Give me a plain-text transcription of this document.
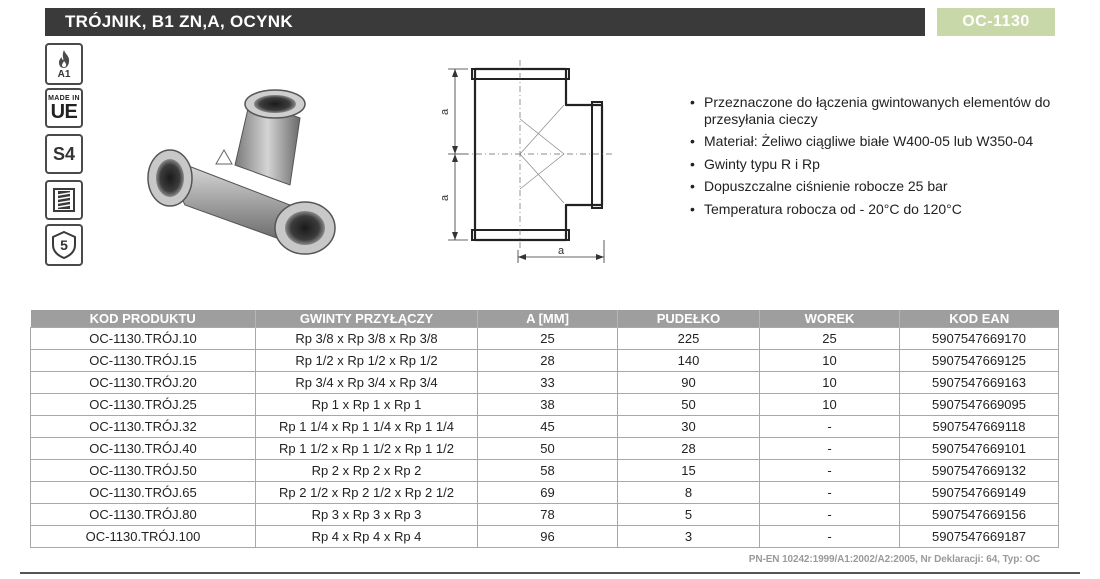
TRÓJNIK, B1 ZN,A, OCYNK	OC-1130
A1
MADE IN
UE
S4
5
a
a
a
• Przeznaczone do łączenia gwintowanych elementów do przesyłania cieczy
• Materiał: Żeliwo ciągliwe białe W400-05 lub W350-04
• Gwinty typu R i Rp
• Dopuszczalne ciśnienie robocze 25 bar
• Temperatura robocza od - 20°C do 120°C
KOD PRODUKTU	GWINTY PRZYŁĄCZY	A [MM]	PUDEŁKO	WOREK	KOD EAN
OC-1130.TRÓJ.10	Rp 3/8 x Rp 3/8 x Rp 3/8	25	225	25	5907547669170
OC-1130.TRÓJ.15	Rp 1/2 x Rp 1/2 x Rp 1/2	28	140	10	5907547669125
OC-1130.TRÓJ.20	Rp 3/4 x Rp 3/4 x Rp 3/4	33	90	10	5907547669163
OC-1130.TRÓJ.25	Rp 1 x Rp 1 x Rp 1	38	50	10	5907547669095
OC-1130.TRÓJ.32	Rp 1 1/4 x Rp 1 1/4 x Rp 1 1/4	45	30	-	5907547669118
OC-1130.TRÓJ.40	Rp 1 1/2 x Rp 1 1/2 x Rp 1 1/2	50	28	-	5907547669101
OC-1130.TRÓJ.50	Rp 2 x Rp 2 x Rp 2	58	15	-	5907547669132
OC-1130.TRÓJ.65	Rp 2 1/2 x Rp 2 1/2 x Rp 2 1/2	69	8	-	5907547669149
OC-1130.TRÓJ.80	Rp 3 x Rp 3 x Rp 3	78	5	-	5907547669156
OC-1130.TRÓJ.100	Rp 4 x Rp 4 x Rp 4	96	3	-	5907547669187
PN-EN 10242:1999/A1:2002/A2:2005, Nr Deklaracji: 64, Typ: OC
